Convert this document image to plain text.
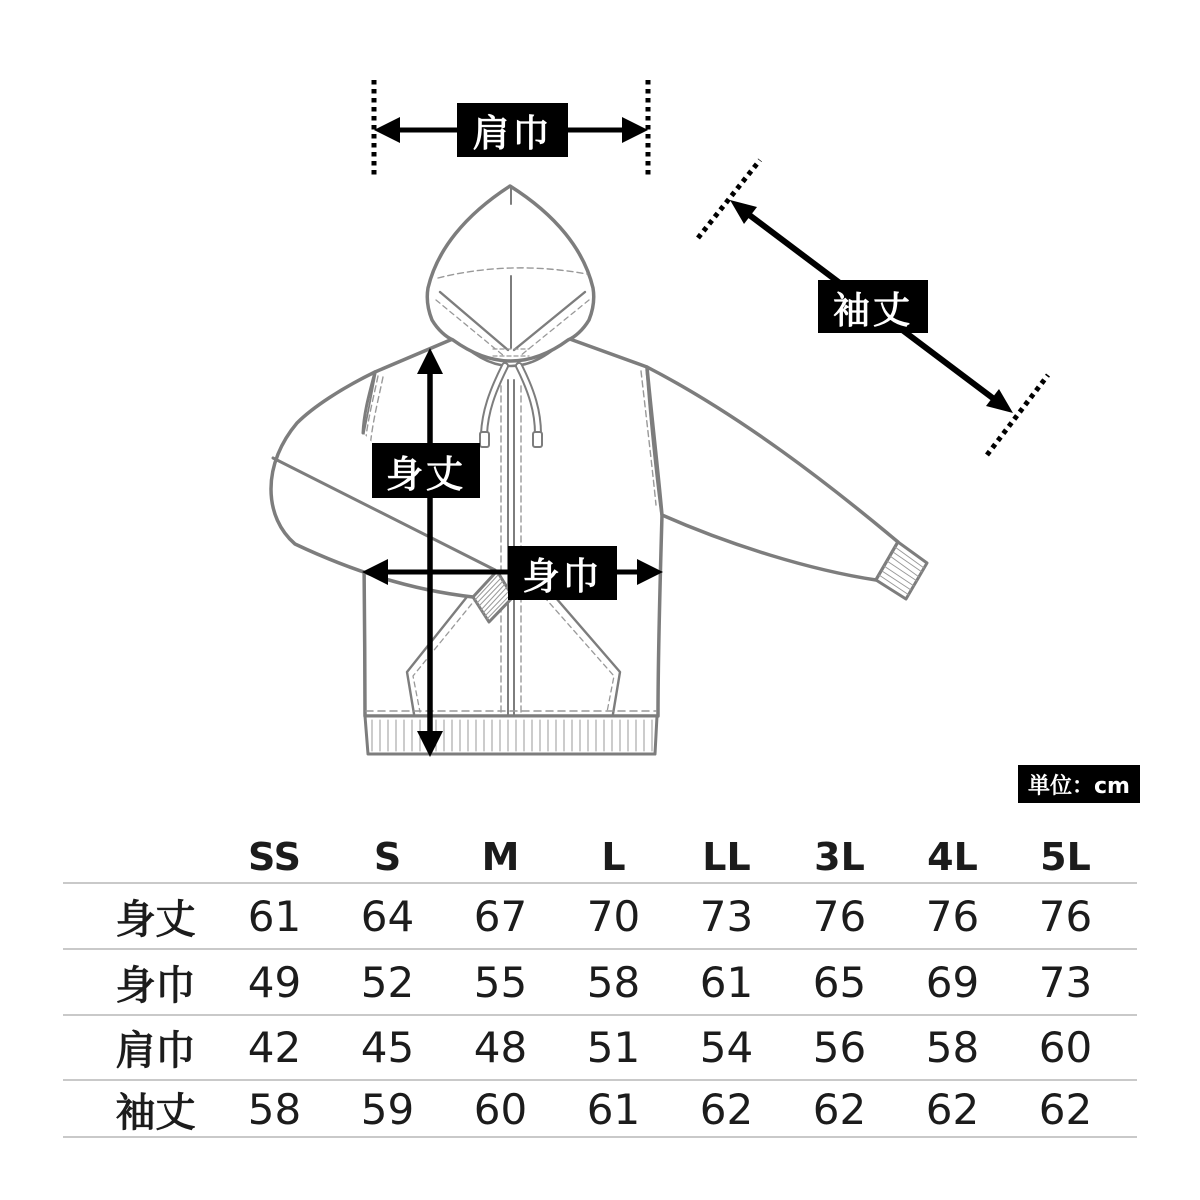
肩巾
袖丈
身丈
身巾
単位：cm
SS	S	M	L	LL	3L	4L	5L
身丈	61	64	67	70	73	76	76	76
身巾	49	52	55	58	61	65	69	73
肩巾	42	45	48	51	54	56	58	60
袖丈	58	59	60	61	62	62	62	62
